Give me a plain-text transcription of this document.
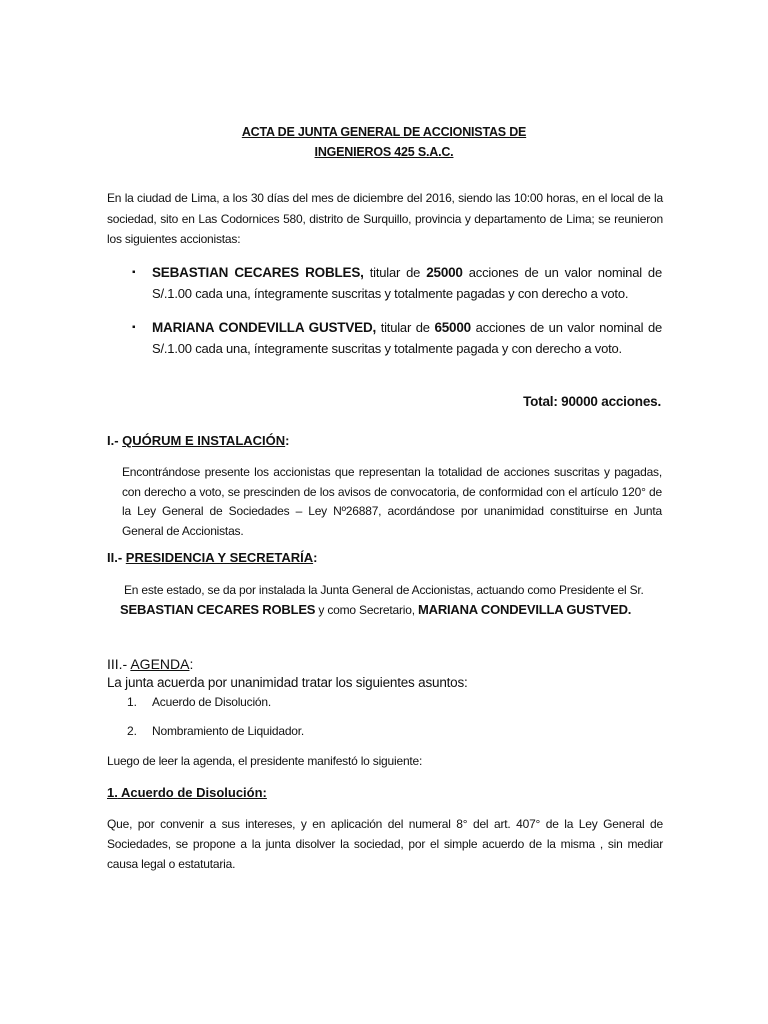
ACTA DE JUNTA GENERAL DE ACCIONISTAS DE
INGENIEROS 425 S.A.C.
En la ciudad de Lima, a los 30 días del mes de diciembre del 2016, siendo las 10:00 horas, en el local de la sociedad, sito en Las Codornices 580, distrito de Surquillo, provincia y departamento de Lima; se reunieron los siguientes accionistas:
▪ SEBASTIAN CECARES ROBLES, titular de 25000 acciones de un valor nominal de S/.1.00 cada una, íntegramente suscritas y totalmente pagadas y con derecho a voto.
▪ MARIANA CONDEVILLA GUSTVED, titular de 65000 acciones de un valor nominal de S/.1.00 cada una, íntegramente suscritas y totalmente pagada y con derecho a voto.
Total: 90000 acciones.
I.- QUÓRUM E INSTALACIÓN:
Encontrándose presente los accionistas que representan la totalidad de acciones suscritas y pagadas, con derecho a voto, se prescinden de los avisos de convocatoria, de conformidad con el artículo 120° de la Ley General de Sociedades – Ley Nº26887, acordándose por unanimidad constituirse en Junta General de Accionistas.
II.- PRESIDENCIA Y SECRETARÍA:
En este estado, se da por instalada la Junta General de Accionistas, actuando como Presidente el Sr.
SEBASTIAN CECARES ROBLES y como Secretario, MARIANA CONDEVILLA GUSTVED.
III.- AGENDA:
La junta acuerda por unanimidad tratar los siguientes asuntos:
1. Acuerdo de Disolución.
2. Nombramiento de Liquidador.
Luego de leer la agenda, el presidente manifestó lo siguiente:
1. Acuerdo de Disolución:
Que, por convenir a sus intereses, y en aplicación del numeral 8° del art. 407° de la Ley General de Sociedades, se propone a la junta disolver la sociedad, por el simple acuerdo de la misma , sin mediar causa legal o estatutaria.
